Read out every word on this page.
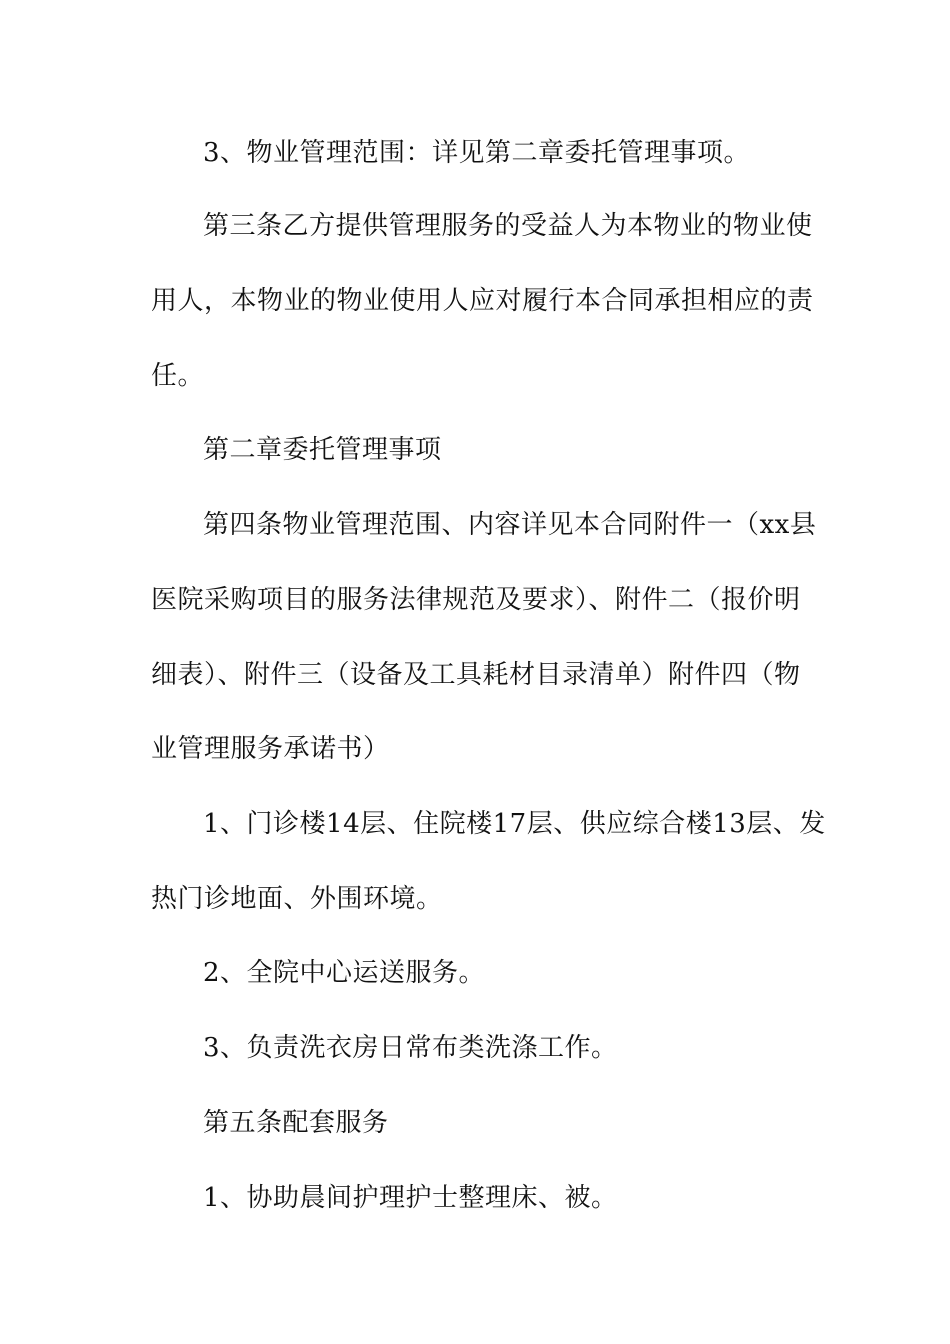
3、物业管理范围：详见第二章委托管理事项。
第三条乙方提供管理服务的受益人为本物业的物业使
用人，本物业的物业使用人应对履行本合同承担相应的责
任。
第二章委托管理事项
第四条物业管理范围、内容详见本合同附件一（xx县
医院采购项目的服务法律规范及要求）、附件二（报价明
细表）、附件三（设备及工具耗材目录清单）附件四（物
业管理服务承诺书）
1、门诊楼14层、住院楼17层、供应综合楼13层、发
热门诊地面、外围环境。
2、全院中心运送服务。
3、负责洗衣房日常布类洗涤工作。
第五条配套服务
1、协助晨间护理护士整理床、被。
